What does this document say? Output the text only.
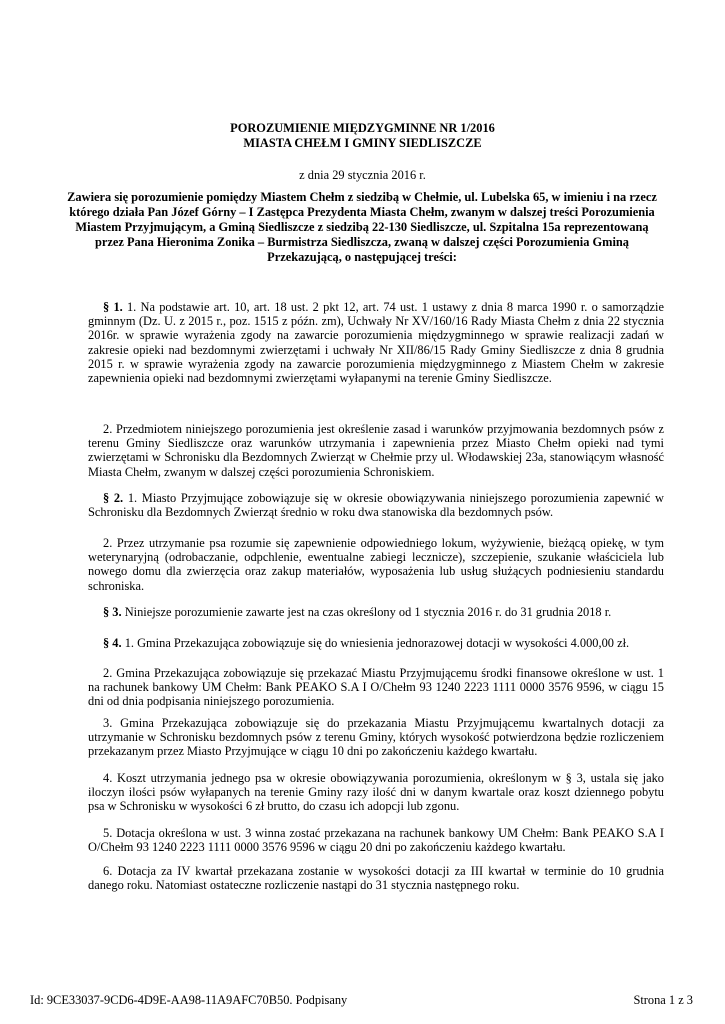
POROZUMIENIE MIĘDZYGMINNE NR 1/2016
MIASTA CHEŁM I GMINY SIEDLISZCZE
z dnia 29 stycznia 2016 r.
Zawiera się porozumienie pomiędzy Miastem Chełm z siedzibą w Chełmie, ul. Lubelska 65, w imieniu i na rzecz którego działa Pan Józef Górny – I Zastępca Prezydenta Miasta Chełm, zwanym w dalszej treści Porozumienia Miastem Przyjmującym, a Gminą Siedliszcze z siedzibą 22-130 Siedliszcze, ul. Szpitalna 15a reprezentowaną przez Pana Hieronima Zonika – Burmistrza Siedliszcza, zwaną w dalszej części Porozumienia Gminą Przekazującą, o następującej treści:
§ 1. 1. Na podstawie art. 10, art. 18 ust. 2 pkt 12, art. 74 ust. 1 ustawy z dnia 8 marca 1990 r. o samorządzie gminnym (Dz. U. z 2015 r., poz. 1515 z późn. zm), Uchwały Nr XV/160/16 Rady Miasta Chełm z dnia 22 stycznia 2016r. w sprawie wyrażenia zgody na zawarcie porozumienia międzygminnego w sprawie realizacji zadań w zakresie opieki nad bezdomnymi zwierzętami i uchwały Nr XII/86/15 Rady Gminy Siedliszcze z dnia 8 grudnia 2015 r. w sprawie wyrażenia zgody na zawarcie porozumienia międzygminnego z Miastem Chełm w zakresie zapewnienia opieki nad bezdomnymi zwierzętami wyłapanymi na terenie Gminy Siedliszcze.
2. Przedmiotem niniejszego porozumienia jest określenie zasad i warunków przyjmowania bezdomnych psów z terenu Gminy Siedliszcze oraz warunków utrzymania i zapewnienia przez Miasto Chełm opieki nad tymi zwierzętami w Schronisku dla Bezdomnych Zwierząt w Chełmie przy ul. Włodawskiej 23a, stanowiącym własność Miasta Chełm, zwanym w dalszej części porozumienia Schroniskiem.
§ 2. 1. Miasto Przyjmujące zobowiązuje się w okresie obowiązywania niniejszego porozumienia zapewnić w Schronisku dla Bezdomnych Zwierząt średnio w roku dwa stanowiska dla bezdomnych psów.
2. Przez utrzymanie psa rozumie się zapewnienie odpowiedniego lokum, wyżywienie, bieżącą opiekę, w tym weterynaryjną (odrobaczanie, odpchlenie, ewentualne zabiegi lecznicze), szczepienie, szukanie właściciela lub nowego domu dla zwierzęcia oraz zakup materiałów, wyposażenia lub usług służących podniesieniu standardu schroniska.
§ 3. Niniejsze porozumienie zawarte jest na czas określony od 1 stycznia 2016 r. do 31 grudnia 2018 r.
§ 4. 1. Gmina Przekazująca zobowiązuje się do wniesienia jednorazowej dotacji w wysokości 4.000,00 zł.
2. Gmina Przekazująca zobowiązuje się przekazać Miastu Przyjmującemu środki finansowe określone w ust. 1 na rachunek bankowy UM Chełm: Bank PEAKO S.A I O/Chełm 93 1240 2223 1111 0000 3576 9596, w ciągu 15 dni od dnia podpisania niniejszego porozumienia.
3. Gmina Przekazująca zobowiązuje się do przekazania Miastu Przyjmującemu kwartalnych dotacji za utrzymanie w Schronisku bezdomnych psów z terenu Gminy, których wysokość potwierdzona będzie rozliczeniem przekazanym przez Miasto Przyjmujące w ciągu 10 dni po zakończeniu każdego kwartału.
4. Koszt utrzymania jednego psa w okresie obowiązywania porozumienia, określonym w § 3, ustala się jako iloczyn ilości psów wyłapanych na terenie Gminy razy ilość dni w danym kwartale oraz koszt dziennego pobytu psa w Schronisku w wysokości 6 zł brutto, do czasu ich adopcji lub zgonu.
5. Dotacja określona w ust. 3 winna zostać przekazana na rachunek bankowy UM Chełm: Bank PEAKO S.A I O/Chełm 93 1240 2223 1111 0000 3576 9596 w ciągu 20 dni po zakończeniu każdego kwartału.
6. Dotacja za IV kwartał przekazana zostanie w wysokości dotacji za III kwartał w terminie do 10 grudnia danego roku. Natomiast ostateczne rozliczenie nastąpi do 31 stycznia następnego roku.
Id: 9CE33037-9CD6-4D9E-AA98-11A9AFC70B50. Podpisany	Strona 1 z 3
